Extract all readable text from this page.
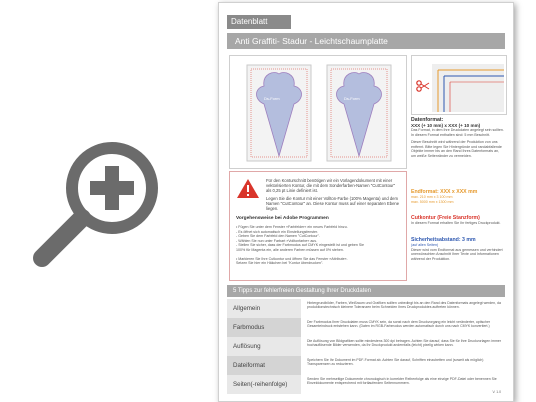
Datenblatt
Anti Graffiti- Stadur - Leichtschaumplatte
Ds-Form	Ds-Form
Für den Konturschnitt benötigen wir ein Vorlagendokument mit einer vektorisierten Kontur, die mit dem Sonderfarben-Namen "CutContour" als 0,25 pt Linie definiert ist.
Legen Sie die Kontur mit einer Vollton-Farbe (100% Magenta) und dem Namen "CutContour" an. Diese Kontur muss auf einer separaten Ebene liegen.
Vorgehensweise bei Adobe Programmen
• Fügen Sie unter dem Fenster »Farbfelder« ein neues Farbfeld hinzu.
- Es öffnet sich automatisch ein Einstellungsfenster.
- Geben Sie dem Farbfeld den Namen "CutContour".
- Wählen Sie nun unter Farbart »Volltonfarbe« aus.
- Stellen Sie sicher, dass der Farbmodus auf CMYK eingestellt ist und geben Sie
100% für Magenta ein, alle anderen Farben müssen auf 0% stehen.
• Markieren Sie Ihre Cutkontur und öffnen Sie das Fenster »Attribute«.
Setzen Sie hier ein Häkchen bei "Kontur überdrucken".
Datenformat:
XXX (+ 10 mm) x XXX (+ 10 mm)
Das Format, in dem Ihre Druckdaten angelegt sein sollten. In diesem Format enthalten sind: 5 mm Beschnitt.
Dieser Beschnitt wird während der Produktion von uns entfernt. Bitte legen Sie Hintergründe und randabfallende Objekte immer bis an den Rand Ihres Datenformats an, um weiße Seitenränder zu vermeiden.
Endformat: XXX x XXX mm
max. 210 mm x 3 100 mm
max. 5000 mm x 1300 mm
Cutkontur (Freie Stanzform)
In diesem Format erhalten Sie Ihr fertiges Druckprodukt.
Sicherheitsabstand: 3 mm
(auf allen Seiten)
Dieser wird vom Endformat aus gemessen und verhindert unerwünschten Anschnitt Ihrer Texte und Informationen während der Produktion.
5 Tipps zur fehlerfreien Gestaltung Ihrer Druckdaten
Allgemein
Hintergrundbilder, Farben, Weißraum und Grafiken sollten unbedingt bis an den Rand des Datenformats angelegt werden, da produktionstechnisch kleinere Toleranzen beim Schneiden Ihres Druckproduktes auftreten können.
Farbmodus
Der Farbmodus Ihrer Druckdaten muss CMYK sein, da sonst nach dem Druckvorgang ein leicht veränderter, optischer Gesamteindruck entstehen kann. (Daten im RGB-Farbmodus werden automatisch durch uns nach CMYK konvertiert.)
Auflösung
Die Auflösung von Bildgrafiken sollte mindestens 300 dpi betragen. Achten Sie darauf, dass Sie für Ihre Druckvorlagen immer hochauflösende Bilder verwenden, da Ihr Druckprodukt andernfalls (leicht) pixelig wirken kann.
Dateiformat
Speichern Sie Ihr Dokument im PDF-Format ab. Achten Sie darauf, Schriften einzubetten und (soweit als möglich) Transparenzen zu reduzieren.
Seiten(-reihenfolge)
Senden Sie mehrseitige Dokumente chronologisch in korrekter Reihenfolge als eine einzige PDF-Datei oder benennen Sie Einzeldokumente entsprechend mit fortlaufenden Seitennummern.
V. 1.0
